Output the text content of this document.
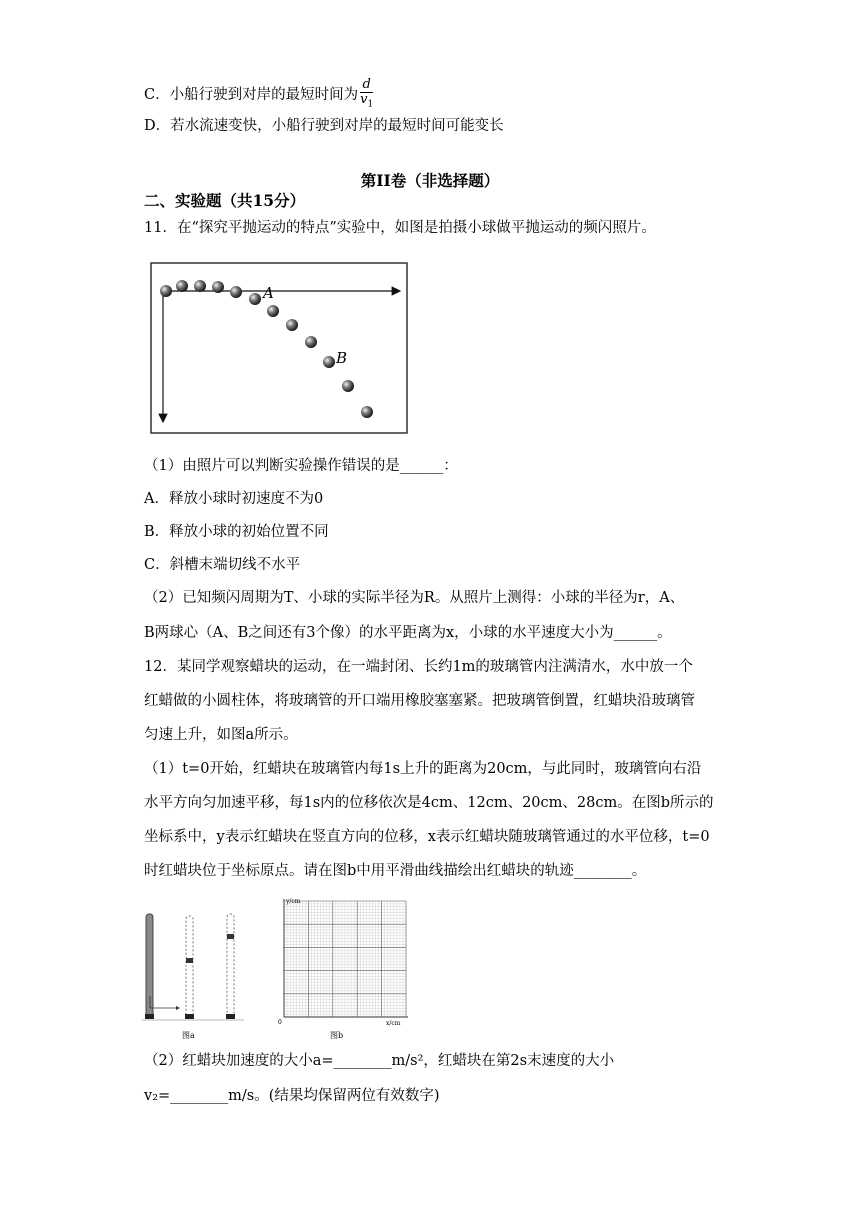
C．小船行驶到对岸的最短时间为 $\frac{d}{v_1}$
D．若水流速变快，小船行驶到对岸的最短时间可能变长
第II卷（非选择题）
二、实验题（共15分）
11．在“探究平抛运动的特点”实验中，如图是拍摄小球做平抛运动的频闪照片。
A
B
（1）由照片可以判断实验操作错误的是______：
A．释放小球时初速度不为0
B．释放小球的初始位置不同
C．斜槽末端切线不水平
（2）已知频闪周期为T、小球的实际半径为R。从照片上测得：小球的半径为r，A、
B两球心（A、B之间还有3个像）的水平距离为x，小球的水平速度大小为______。
12．某同学观察蜡块的运动，在一端封闭、长约1m的玻璃管内注满清水，水中放一个
红蜡做的小圆柱体，将玻璃管的开口端用橡胶塞塞紧。把玻璃管倒置，红蜡块沿玻璃管
匀速上升，如图a所示。
（1）t=0开始，红蜡块在玻璃管内每1s上升的距离为20cm，与此同时，玻璃管向右沿
水平方向匀加速平移，每1s内的位移依次是4cm、12cm、20cm、28cm。在图b所示的
坐标系中，y表示红蜡块在竖直方向的位移，x表示红蜡块随玻璃管通过的水平位移，t=0
时红蜡块位于坐标原点。请在图b中用平滑曲线描绘出红蜡块的轨迹________。
图a
y/cm
x/cm
0
图b
（2）红蜡块加速度的大小a=________m/s²，红蜡块在第2s末速度的大小
v₂=________m/s。(结果均保留两位有效数字)
